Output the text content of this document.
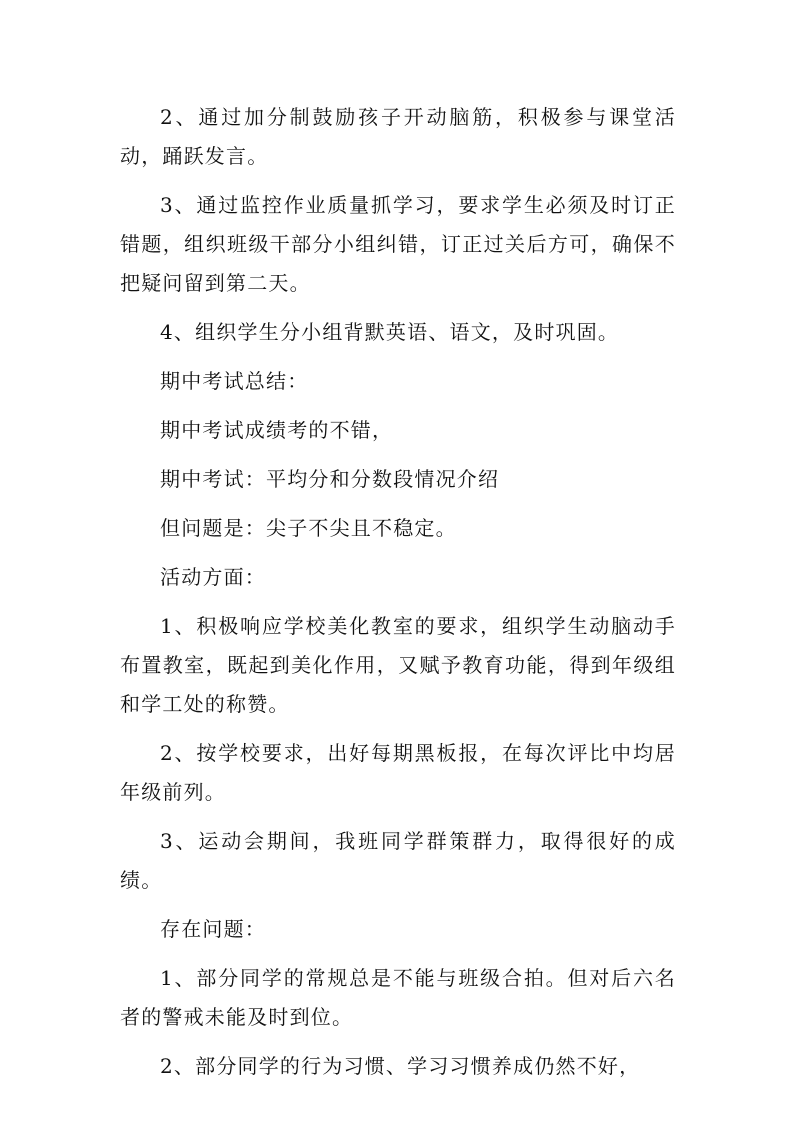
2、通过加分制鼓励孩子开动脑筋，积极参与课堂活动，踊跃发言。

3、通过监控作业质量抓学习，要求学生必须及时订正错题，组织班级干部分小组纠错，订正过关后方可，确保不把疑问留到第二天。

4、组织学生分小组背默英语、语文，及时巩固。

期中考试总结：

期中考试成绩考的不错，

期中考试：平均分和分数段情况介绍

但问题是：尖子不尖且不稳定。

活动方面：

1、积极响应学校美化教室的要求，组织学生动脑动手布置教室，既起到美化作用，又赋予教育功能，得到年级组和学工处的称赞。

2、按学校要求，出好每期黑板报，在每次评比中均居年级前列。

3、运动会期间，我班同学群策群力，取得很好的成绩。

存在问题：

1、部分同学的常规总是不能与班级合拍。但对后六名者的警戒未能及时到位。

2、部分同学的行为习惯、学习习惯养成仍然不好，
